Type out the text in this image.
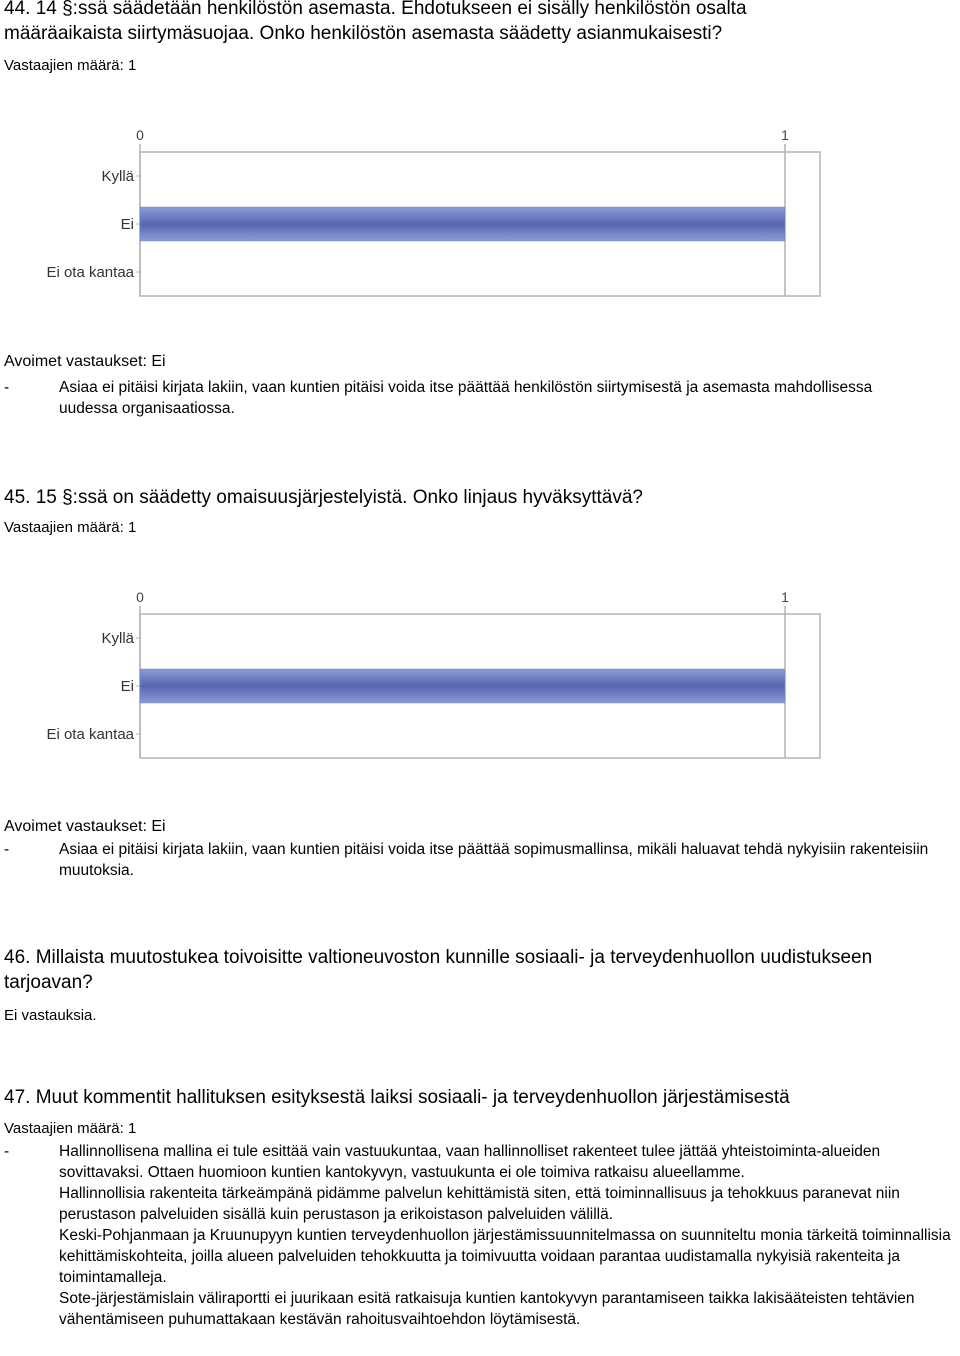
44. 14 §:ssä säädetään henkilöstön asemasta. Ehdotukseen ei sisälly henkilöstön osalta
määräaikaista siirtymäsuojaa. Onko henkilöstön asemasta säädetty asianmukaisesti?
Vastaajien määrä: 1
0	1
Kyllä
Ei
Ei ota kantaa
Avoimet vastaukset: Ei
-	Asiaa ei pitäisi kirjata lakiin, vaan kuntien pitäisi voida itse päättää henkilöstön siirtymisestä ja asemasta mahdollisessa uudessa organisaatiossa.
45. 15 §:ssä on säädetty omaisuusjärjestelyistä. Onko linjaus hyväksyttävä?
Vastaajien määrä: 1
0	1
Kyllä
Ei
Ei ota kantaa
Avoimet vastaukset: Ei
-	Asiaa ei pitäisi kirjata lakiin, vaan kuntien pitäisi voida itse päättää sopimusmallinsa, mikäli haluavat tehdä nykyisiin rakenteisiin muutoksia.
46. Millaista muutostukea toivoisitte valtioneuvoston kunnille sosiaali- ja terveydenhuollon uudistukseen tarjoavan?
Ei vastauksia.
47. Muut kommentit hallituksen esityksestä laiksi sosiaali- ja terveydenhuollon järjestämisestä
Vastaajien määrä: 1
-	Hallinnollisena mallina ei tule esittää vain vastuukuntaa, vaan hallinnolliset rakenteet tulee jättää yhteistoiminta-alueiden sovittavaksi. Ottaen huomioon kuntien kantokyvyn, vastuukunta ei ole toimiva ratkaisu alueellamme.

Hallinnollisia rakenteita tärkeämpänä pidämme palvelun kehittämistä siten, että toiminnallisuus ja tehokkuus paranevat niin perustason palveluiden sisällä kuin perustason ja erikoistason palveluiden välillä.

Keski-Pohjanmaan ja Kruunupyyn kuntien terveydenhuollon järjestämissuunnitelmassa on suunniteltu monia tärkeitä toiminnallisia kehittämiskohteita, joilla alueen palveluiden tehokkuutta ja toimivuutta voidaan parantaa uudistamalla nykyisiä rakenteita ja toimintamalleja.

Sote-järjestämislain väliraportti ei juurikaan esitä ratkaisuja kuntien kantokyvyn parantamiseen taikka lakisääteisten tehtävien vähentämiseen puhumattakaan kestävän rahoitusvaihtoehdon löytämisestä.
